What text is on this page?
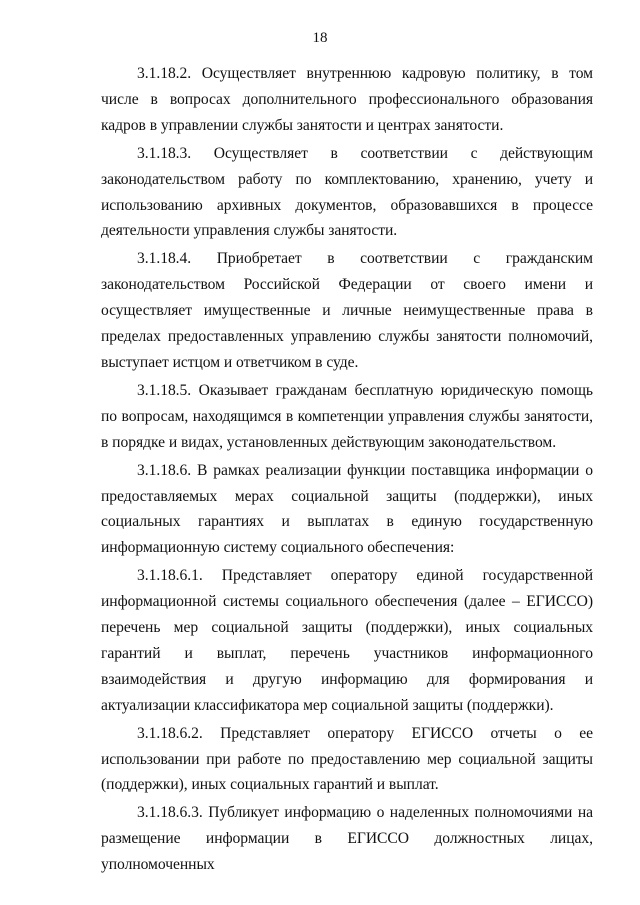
18

3.1.18.2. Осуществляет внутреннюю кадровую политику, в том числе в вопросах дополнительного профессионального образования кадров в управлении службы занятости и центрах занятости.

3.1.18.3. Осуществляет в соответствии с действующим законодательством работу по комплектованию, хранению, учету и использованию архивных документов, образовавшихся в процессе деятельности управления службы занятости.

3.1.18.4. Приобретает в соответствии с гражданским законодательством Российской Федерации от своего имени и осуществляет имущественные и личные неимущественные права в пределах предоставленных управлению службы занятости полномочий, выступает истцом и ответчиком в суде.

3.1.18.5. Оказывает гражданам бесплатную юридическую помощь по вопросам, находящимся в компетенции управления службы занятости, в порядке и видах, установленных действующим законодательством.

3.1.18.6. В рамках реализации функции поставщика информации о предоставляемых мерах социальной защиты (поддержки), иных социальных гарантиях и выплатах в единую государственную информационную систему социального обеспечения:

3.1.18.6.1. Представляет оператору единой государственной информационной системы социального обеспечения (далее – ЕГИССО) перечень мер социальной защиты (поддержки), иных социальных гарантий и выплат, перечень участников информационного взаимодействия и другую информацию для формирования и актуализации классификатора мер социальной защиты (поддержки).

3.1.18.6.2. Представляет оператору ЕГИССО отчеты о ее использовании при работе по предоставлению мер социальной защиты (поддержки), иных социальных гарантий и выплат.

3.1.18.6.3. Публикует информацию о наделенных полномочиями на размещение информации в ЕГИССО должностных лицах, уполномоченных
